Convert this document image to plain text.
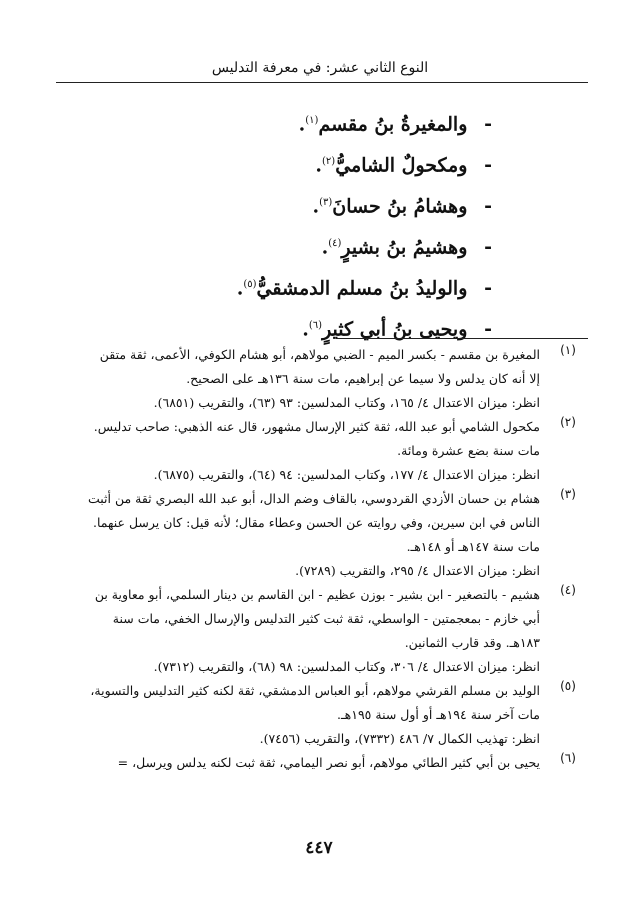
النوع الثاني عشر: في معرفة التدليس
- والمغيرةُ بنُ مقسم$^{(١)}$.
- ومكحولٌ الشاميُّ$^{(٢)}$.
- وهشامُ بنُ حسانَ$^{(٣)}$.
- وهشيمُ بنُ بشيرٍ$^{(٤)}$.
- والوليدُ بنُ مسلم الدمشقيُّ$^{(٥)}$.
- ويحيى بنُ أبي كثيرٍ$^{(٦)}$.
(١)
المغيرة بن مقسم - بكسر الميم - الضبي مولاهم، أبو هشام الكوفي، الأعمى، ثقة متقن
إلا أنه كان يدلس ولا سيما عن إبراهيم، مات سنة ١٣٦هـ على الصحيح.
انظر: ميزان الاعتدال ٤/ ١٦٥، وكتاب المدلسين: ٩٣ (٦٣)، والتقريب (٦٨٥١).
(٢)
مكحول الشامي أبو عبد الله، ثقة كثير الإرسال مشهور، قال عنه الذهبي: صاحب تدليس.
مات سنة بضع عشرة ومائة.
انظر: ميزان الاعتدال ٤/ ١٧٧، وكتاب المدلسين: ٩٤ (٦٤)، والتقريب (٦٨٧٥).
(٣)
هشام بن حسان الأزدي القردوسي، بالقاف وضم الدال، أبو عبد الله البصري ثقة من أثبت
الناس في ابن سيرين، وفي روايته عن الحسن وعطاء مقال؛ لأنه قيل: كان يرسل عنهما.
مات سنة ١٤٧هـ أو ١٤٨هـ.
انظر: ميزان الاعتدال ٤/ ٢٩٥، والتقريب (٧٢٨٩).
(٤)
هشيم - بالتصغير - ابن بشير - بوزن عظيم - ابن القاسم بن دينار السلمي، أبو معاوية بن
أبي خازم - بمعجمتين - الواسطي، ثقة ثبت كثير التدليس والإرسال الخفي، مات سنة
١٨٣هـ. وقد قارب الثمانين.
انظر: ميزان الاعتدال ٤/ ٣٠٦، وكتاب المدلسين: ٩٨ (٦٨)، والتقريب (٧٣١٢).
(٥)
الوليد بن مسلم القرشي مولاهم، أبو العباس الدمشقي، ثقة لكنه كثير التدليس والتسوية،
مات آخر سنة ١٩٤هـ أو أول سنة ١٩٥هـ.
انظر: تهذيب الكمال ٧/ ٤٨٦ (٧٣٣٢)، والتقريب (٧٤٥٦).
(٦)
يحيى بن أبي كثير الطائي مولاهم، أبو نصر اليمامي، ثقة ثبت لكنه يدلس ويرسل، =
٤٤٧
